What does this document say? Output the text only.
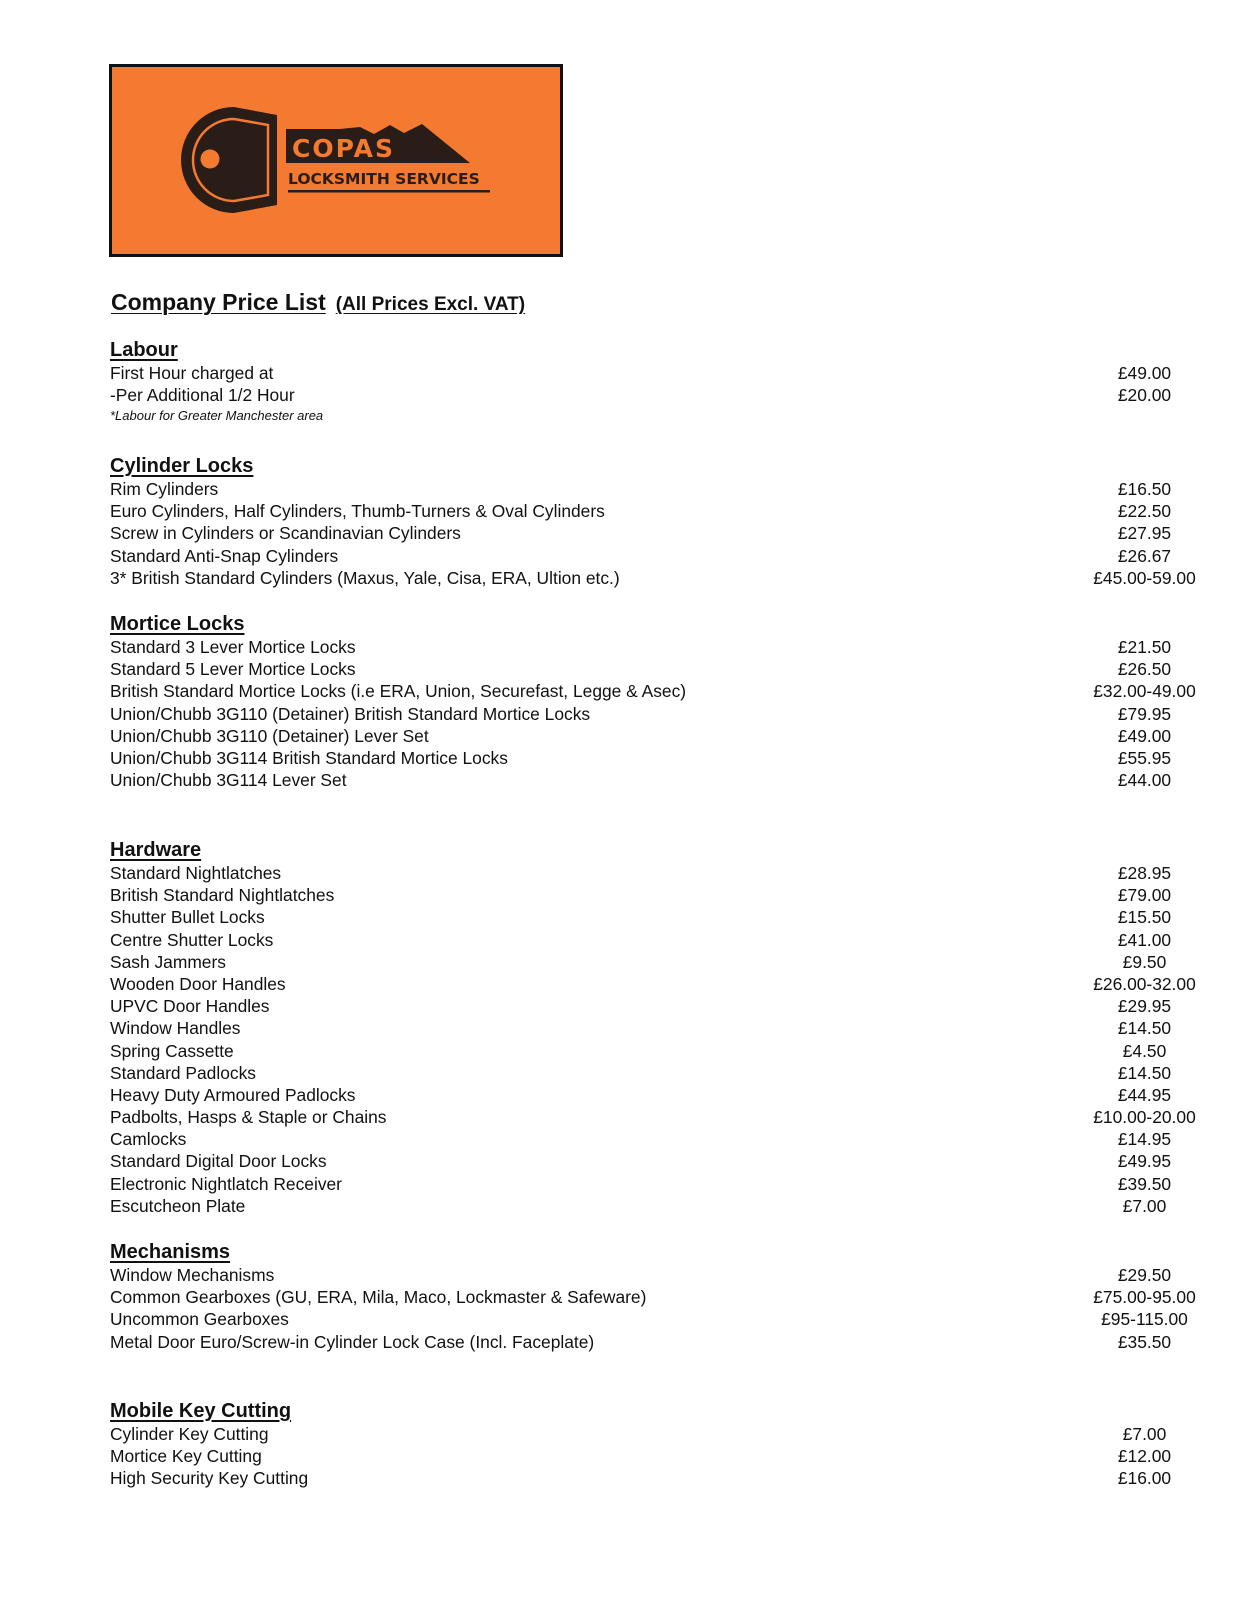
COPAS
LOCKSMITH SERVICES
Company Price List (All Prices Excl. VAT)
Labour
First Hour charged at	£49.00
-Per Additional 1/2 Hour	£20.00
*Labour for Greater Manchester area
Cylinder Locks
Rim Cylinders	£16.50
Euro Cylinders, Half Cylinders, Thumb-Turners & Oval Cylinders	£22.50
Screw in Cylinders or Scandinavian Cylinders	£27.95
Standard Anti-Snap Cylinders	£26.67
3* British Standard Cylinders (Maxus, Yale, Cisa, ERA, Ultion etc.)	£45.00-59.00
Mortice Locks
Standard 3 Lever Mortice Locks	£21.50
Standard 5 Lever Mortice Locks	£26.50
British Standard Mortice Locks (i.e ERA, Union, Securefast, Legge & Asec)	£32.00-49.00
Union/Chubb 3G110 (Detainer) British Standard Mortice Locks	£79.95
Union/Chubb 3G110 (Detainer) Lever Set	£49.00
Union/Chubb 3G114 British Standard Mortice Locks	£55.95
Union/Chubb 3G114 Lever Set	£44.00
Hardware
Standard Nightlatches	£28.95
British Standard Nightlatches	£79.00
Shutter Bullet Locks	£15.50
Centre Shutter Locks	£41.00
Sash Jammers	£9.50
Wooden Door Handles	£26.00-32.00
UPVC Door Handles	£29.95
Window Handles	£14.50
Spring Cassette	£4.50
Standard Padlocks	£14.50
Heavy Duty Armoured Padlocks	£44.95
Padbolts, Hasps & Staple or Chains	£10.00-20.00
Camlocks	£14.95
Standard Digital Door Locks	£49.95
Electronic Nightlatch Receiver	£39.50
Escutcheon Plate	£7.00
Mechanisms
Window Mechanisms	£29.50
Common Gearboxes (GU, ERA, Mila, Maco, Lockmaster & Safeware)	£75.00-95.00
Uncommon Gearboxes	£95-115.00
Metal Door Euro/Screw-in Cylinder Lock Case (Incl. Faceplate)	£35.50
Mobile Key Cutting
Cylinder Key Cutting	£7.00
Mortice Key Cutting	£12.00
High Security Key Cutting	£16.00
